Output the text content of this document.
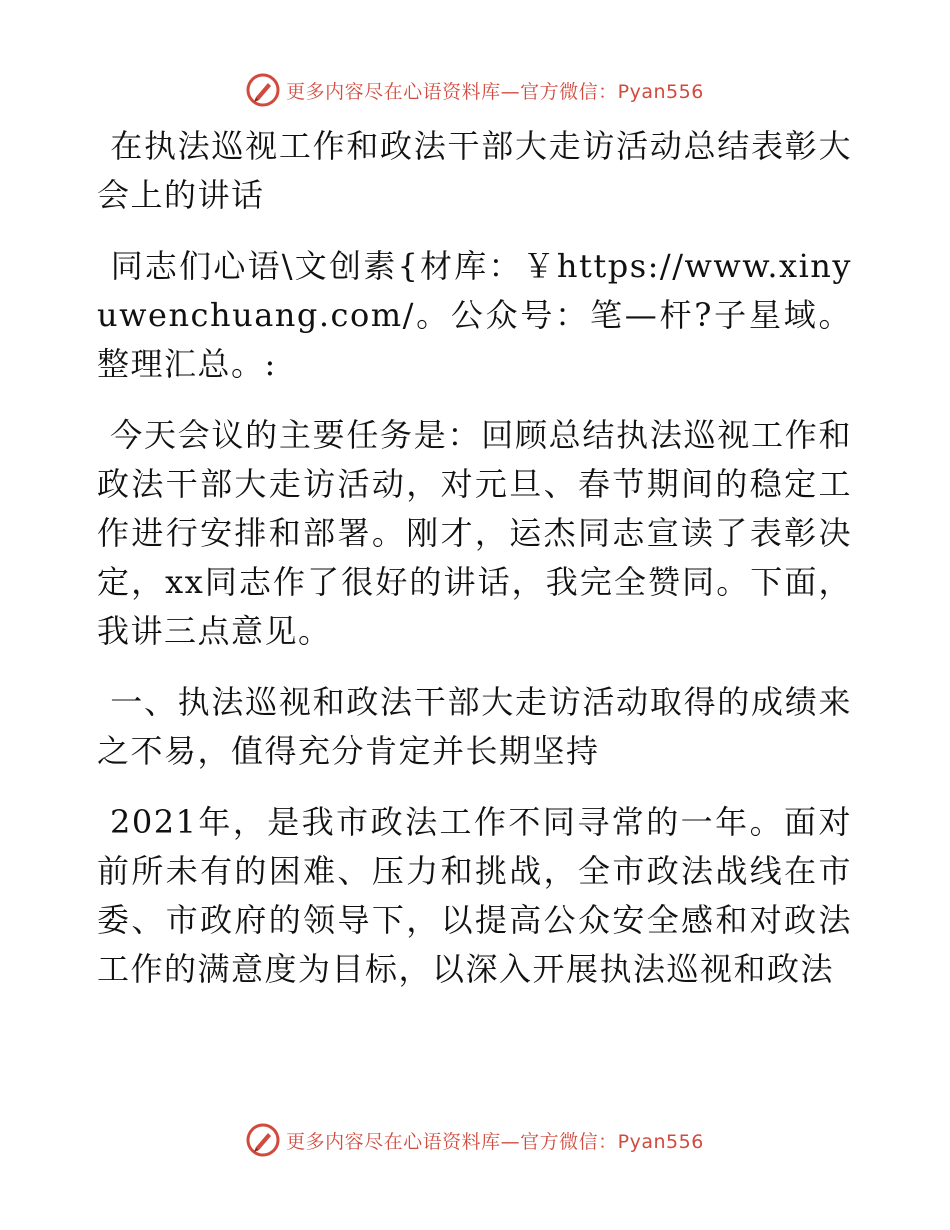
更多内容尽在心语资料库—官方微信：Pyan556

在执法巡视工作和政法干部大走访活动总结表彰大会上的讲话

同志们心语\文创素{材库：￥https://www.xinyuwenchuang.com/。公众号：笔—杆?子星域。整理汇总。:

今天会议的主要任务是：回顾总结执法巡视工作和政法干部大走访活动，对元旦、春节期间的稳定工作进行安排和部署。刚才，运杰同志宣读了表彰决定，xx同志作了很好的讲话，我完全赞同。下面，我讲三点意见。

一、执法巡视和政法干部大走访活动取得的成绩来之不易，值得充分肯定并长期坚持

2021年，是我市政法工作不同寻常的一年。面对前所未有的困难、压力和挑战，全市政法战线在市委、市政府的领导下，以提高公众安全感和对政法工作的满意度为目标，以深入开展执法巡视和政法

更多内容尽在心语资料库—官方微信：Pyan556
